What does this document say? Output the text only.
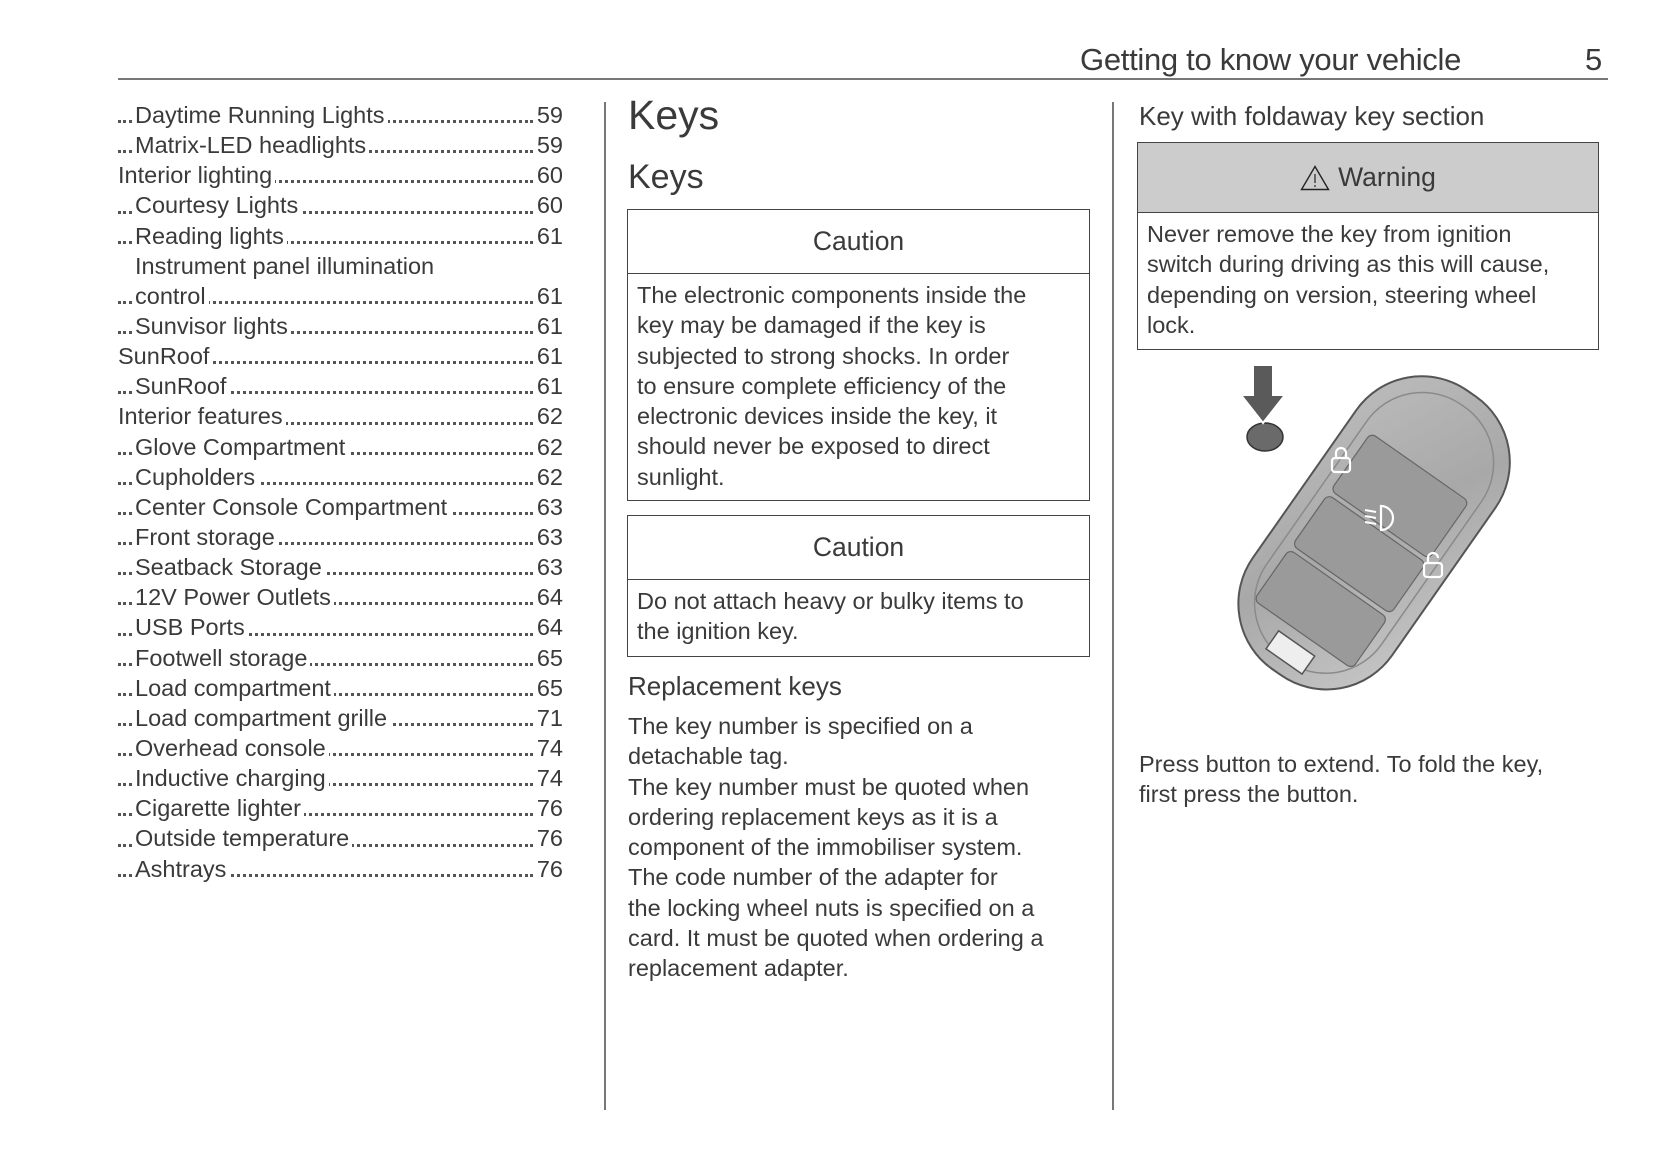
Getting to know your vehicle	5
Daytime Running Lights	59
Matrix-LED headlights	59
Interior lighting	60
Courtesy Lights	60
Reading lights	61
Instrument panel illumination
control	61
Sunvisor lights	61
SunRoof	61
SunRoof	61
Interior features	62
Glove Compartment	62
Cupholders	62
Center Console Compartment	63
Front storage	63
Seatback Storage	63
12V Power Outlets	64
USB Ports	64
Footwell storage	65
Load compartment	65
Load compartment grille	71
Overhead console	74
Inductive charging	74
Cigarette lighter	76
Outside temperature	76
Ashtrays	76
Keys
Keys
Caution
The electronic components inside the
key may be damaged if the key is
subjected to strong shocks. In order
to ensure complete efficiency of the
electronic devices inside the key, it
should never be exposed to direct
sunlight.
Caution
Do not attach heavy or bulky items to
the ignition key.
Replacement keys
The key number is specified on a
detachable tag.
The key number must be quoted when
ordering replacement keys as it is a
component of the immobiliser system.
The code number of the adapter for
the locking wheel nuts is specified on a
card. It must be quoted when ordering a
replacement adapter.
Key with foldaway key section
Warning
Never remove the key from ignition
switch during driving as this will cause,
depending on version, steering wheel
lock.
Press button to extend. To fold the key,
first press the button.
